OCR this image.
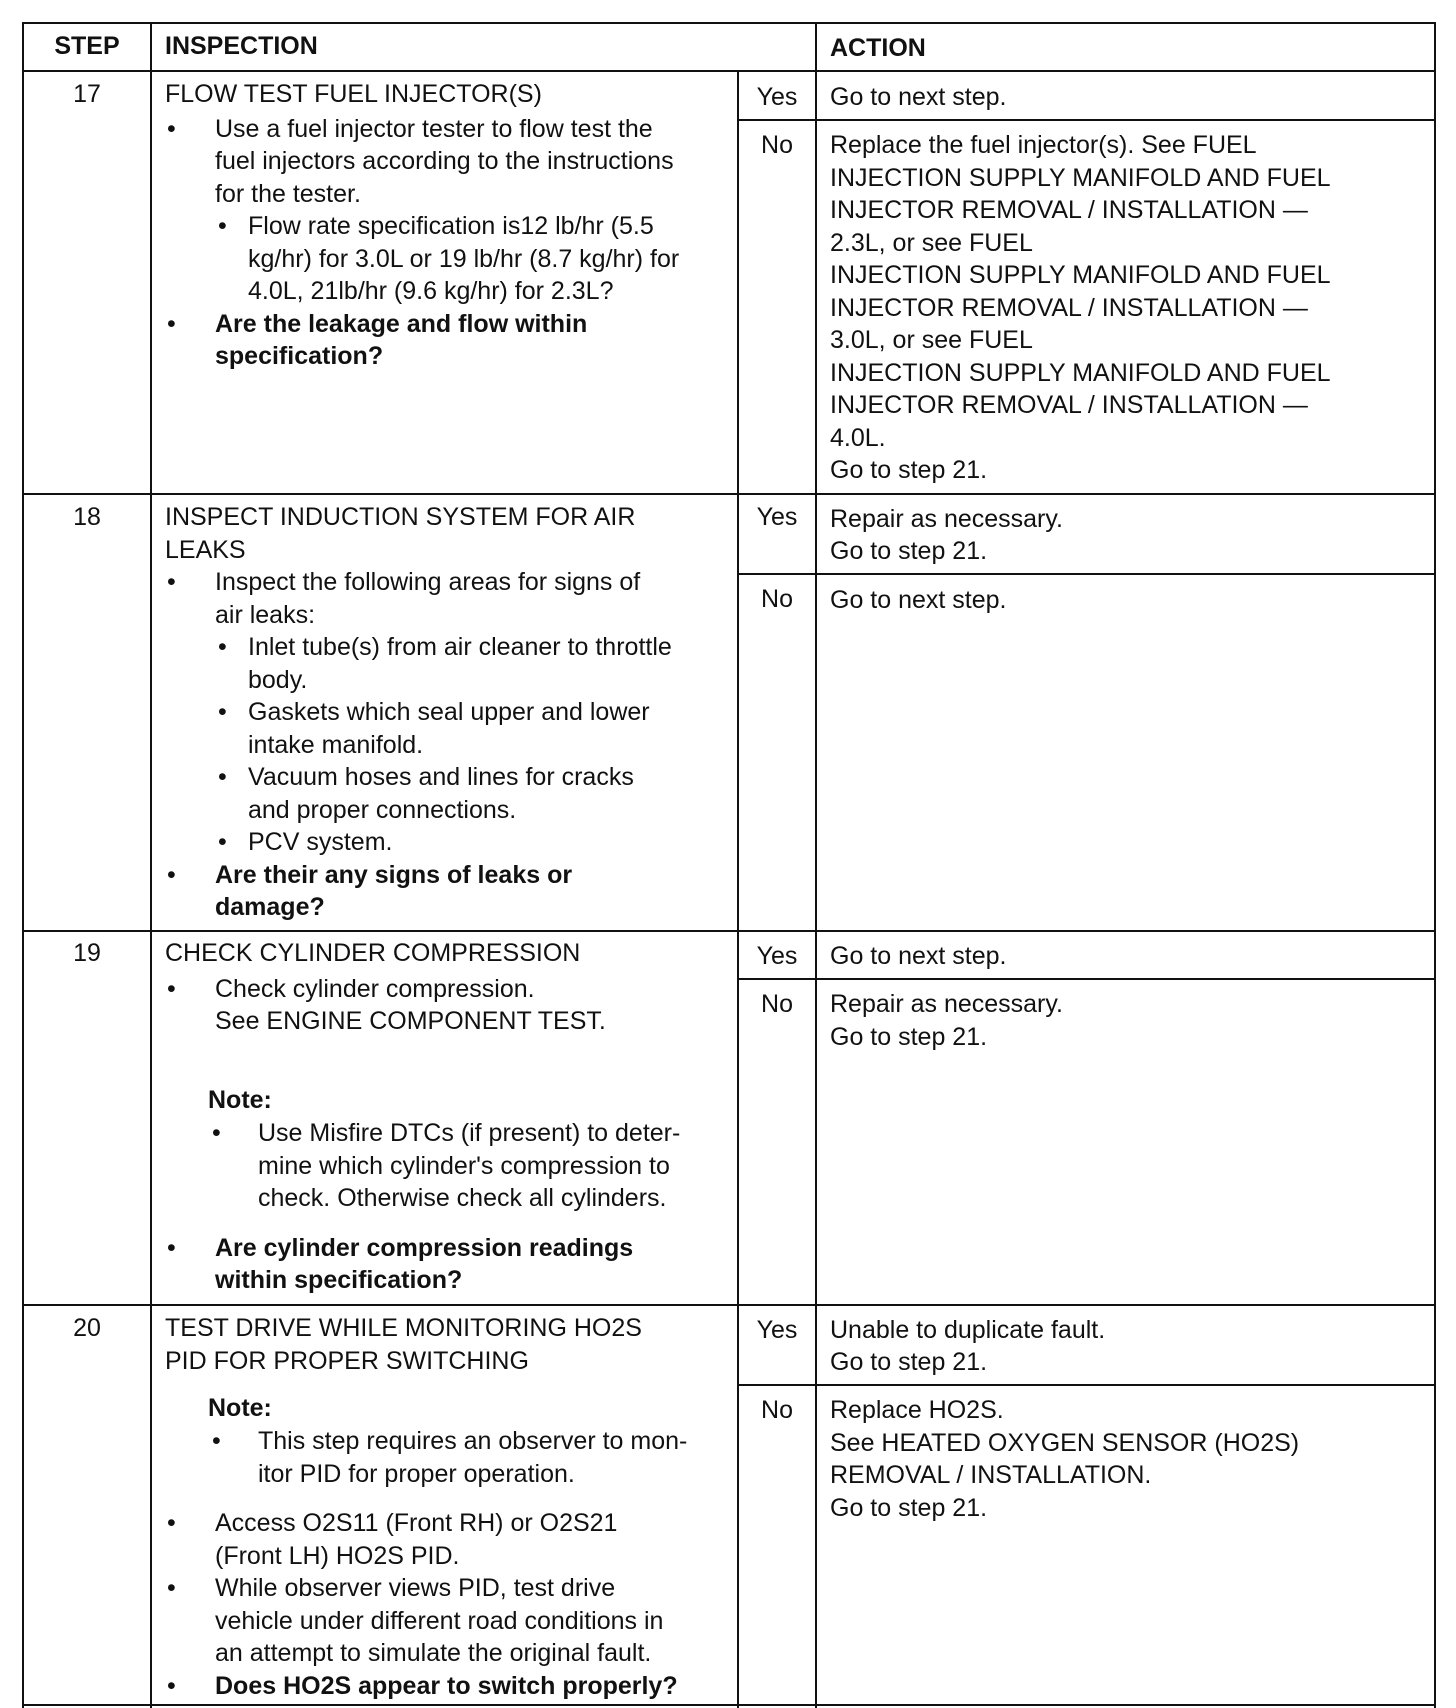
STEP	INSPECTION	ACTION
17	FLOW TEST FUEL INJECTOR(S)
• Use a fuel injector tester to flow test the
fuel injectors according to the instructions
for the tester.
• Flow rate specification is12 lb/hr (5.5
kg/hr) for 3.0L or 19 lb/hr (8.7 kg/hr) for
4.0L, 21lb/hr (9.6 kg/hr) for 2.3L?
• Are the leakage and flow within
specification?
Yes	Go to next step.
No	Replace the fuel injector(s). See FUEL
INJECTION SUPPLY MANIFOLD AND FUEL
INJECTOR REMOVAL / INSTALLATION —
2.3L, or see FUEL
INJECTION SUPPLY MANIFOLD AND FUEL
INJECTOR REMOVAL / INSTALLATION —
3.0L, or see FUEL
INJECTION SUPPLY MANIFOLD AND FUEL
INJECTOR REMOVAL / INSTALLATION —
4.0L.
Go to step 21.
18	INSPECT INDUCTION SYSTEM FOR AIR
LEAKS
• Inspect the following areas for signs of
air leaks:
• Inlet tube(s) from air cleaner to throttle
body.
• Gaskets which seal upper and lower
intake manifold.
• Vacuum hoses and lines for cracks
and proper connections.
• PCV system.
• Are their any signs of leaks or
damage?
Yes	Repair as necessary.
Go to step 21.
No	Go to next step.
19	CHECK CYLINDER COMPRESSION
• Check cylinder compression.
See ENGINE COMPONENT TEST.
Note:
• Use Misfire DTCs (if present) to deter-
mine which cylinder's compression to
check. Otherwise check all cylinders.
• Are cylinder compression readings
within specification?
Yes	Go to next step.
No	Repair as necessary.
Go to step 21.
20	TEST DRIVE WHILE MONITORING HO2S
PID FOR PROPER SWITCHING
Note:
• This step requires an observer to mon-
itor PID for proper operation.
• Access O2S11 (Front RH) or O2S21
(Front LH) HO2S PID.
• While observer views PID, test drive
vehicle under different road conditions in
an attempt to simulate the original fault.
• Does HO2S appear to switch properly?
Yes	Unable to duplicate fault.
Go to step 21.
No	Replace HO2S.
See HEATED OXYGEN SENSOR (HO2S)
REMOVAL / INSTALLATION.
Go to step 21.
